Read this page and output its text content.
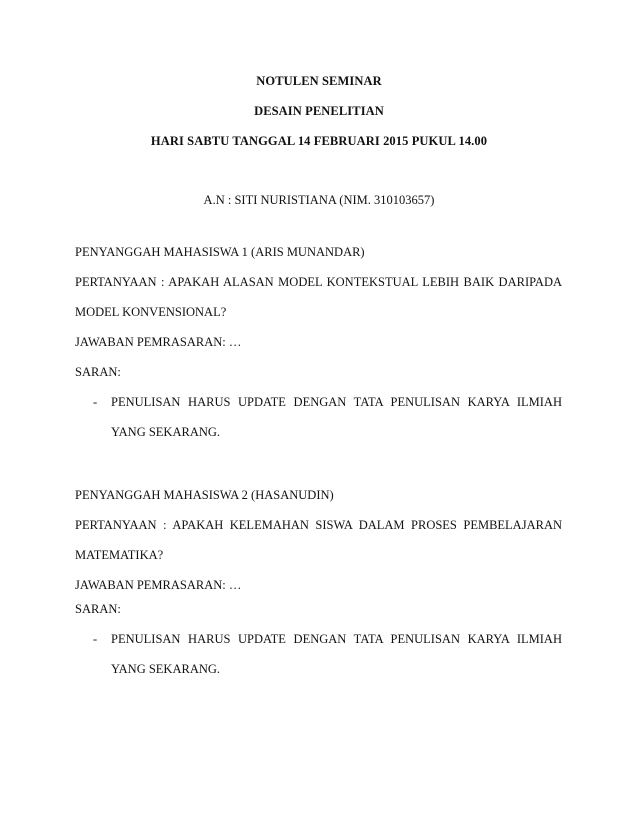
NOTULEN SEMINAR
DESAIN PENELITIAN
HARI SABTU TANGGAL 14 FEBRUARI 2015 PUKUL 14.00
A.N : SITI NURISTIANA (NIM. 310103657)
PENYANGGAH MAHASISWA 1 (ARIS MUNANDAR)
PERTANYAAN : APAKAH ALASAN MODEL KONTEKSTUAL LEBIH BAIK DARIPADA
MODEL KONVENSIONAL?
JAWABAN PEMRASARAN: …
SARAN:
- PENULISAN HARUS UPDATE DENGAN TATA PENULISAN KARYA ILMIAH
YANG SEKARANG.
PENYANGGAH MAHASISWA 2 (HASANUDIN)
PERTANYAAN : APAKAH KELEMAHAN SISWA DALAM PROSES PEMBELAJARAN
MATEMATIKA?
JAWABAN PEMRASARAN: …
SARAN:
- PENULISAN HARUS UPDATE DENGAN TATA PENULISAN KARYA ILMIAH
YANG SEKARANG.
